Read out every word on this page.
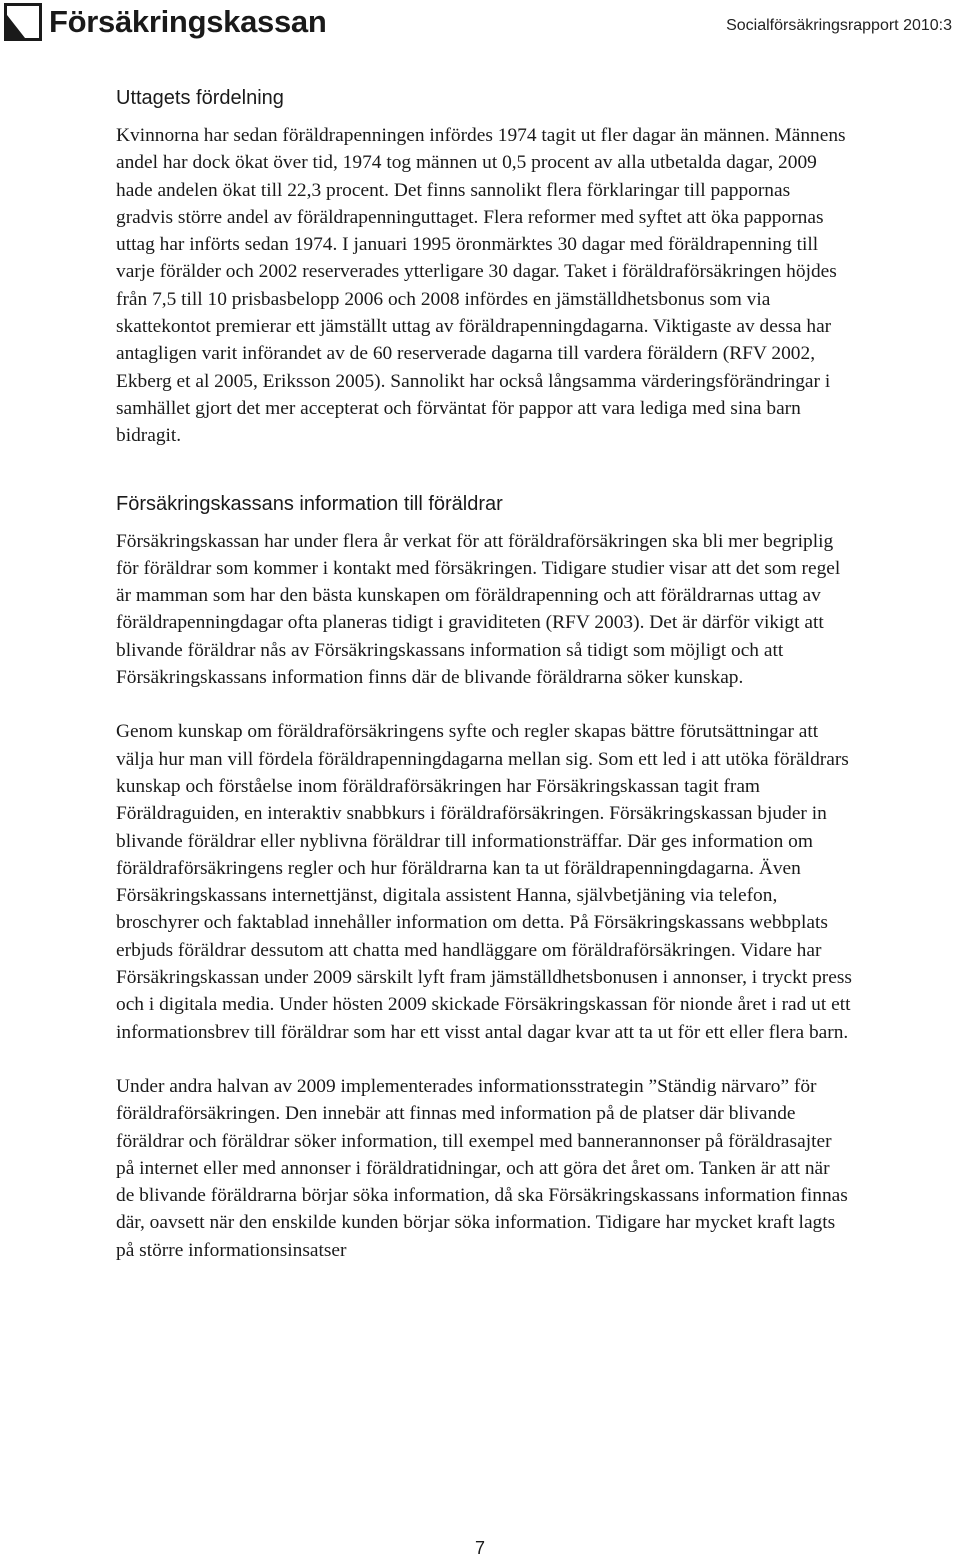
Försäkringskassan	Socialförsäkringsrapport 2010:3
Uttagets fördelning

Kvinnorna har sedan föräldrapenningen infördes 1974 tagit ut fler dagar än männen. Männens andel har dock ökat över tid, 1974 tog männen ut 0,5 procent av alla utbetalda dagar, 2009 hade andelen ökat till 22,3 procent. Det finns sannolikt flera förklaringar till pappornas gradvis större andel av föräldrapenninguttaget. Flera reformer med syftet att öka pappornas uttag har införts sedan 1974. I januari 1995 öronmärktes 30 dagar med föräldrapenning till varje förälder och 2002 reserverades ytterligare 30 dagar. Taket i föräldraförsäkringen höjdes från 7,5 till 10 prisbasbelopp 2006 och 2008 infördes en jämställdhetsbonus som via skattekontot premierar ett jämställt uttag av föräldrapenningdagarna. Viktigaste av dessa har antagligen varit införandet av de 60 reserverade dagarna till vardera föräldern (RFV 2002, Ekberg et al 2005, Eriksson 2005). Sannolikt har också långsamma värderingsförändringar i samhället gjort det mer accepterat och förväntat för pappor att vara lediga med sina barn bidragit.

Försäkringskassans information till föräldrar

Försäkringskassan har under flera år verkat för att föräldraförsäkringen ska bli mer begriplig för föräldrar som kommer i kontakt med försäkringen. Tidigare studier visar att det som regel är mamman som har den bästa kunskapen om föräldrapenning och att föräldrarnas uttag av föräldrapenningdagar ofta planeras tidigt i graviditeten (RFV 2003). Det är därför vikigt att blivande föräldrar nås av Försäkringskassans information så tidigt som möjligt och att Försäkringskassans information finns där de blivande föräldrarna söker kunskap.

Genom kunskap om föräldraförsäkringens syfte och regler skapas bättre förutsättningar att välja hur man vill fördela föräldrapenningdagarna mellan sig. Som ett led i att utöka föräldrars kunskap och förståelse inom föräldraförsäkringen har Försäkringskassan tagit fram Föräldraguiden, en interaktiv snabbkurs i föräldraförsäkringen. Försäkringskassan bjuder in blivande föräldrar eller nyblivna föräldrar till informationsträffar. Där ges information om föräldraförsäkringens regler och hur föräldrarna kan ta ut föräldrapenningdagarna. Även Försäkringskassans internettjänst, digitala assistent Hanna, självbetjäning via telefon, broschyrer och faktablad innehåller information om detta. På Försäkringskassans webbplats erbjuds föräldrar dessutom att chatta med handläggare om föräldraförsäkringen. Vidare har Försäkringskassan under 2009 särskilt lyft fram jämställdhetsbonusen i annonser, i tryckt press och i digitala media. Under hösten 2009 skickade Försäkringskassan för nionde året i rad ut ett informationsbrev till föräldrar som har ett visst antal dagar kvar att ta ut för ett eller flera barn.

Under andra halvan av 2009 implementerades informationsstrategin ”Ständig närvaro” för föräldraförsäkringen. Den innebär att finnas med information på de platser där blivande föräldrar och föräldrar söker information, till exempel med bannerannonser på föräldrasajter på internet eller med annonser i föräldratidningar, och att göra det året om. Tanken är att när de blivande föräldrarna börjar söka information, då ska Försäkringskassans information finnas där, oavsett när den enskilde kunden börjar söka information. Tidigare har mycket kraft lagts på större informationsinsatser

7
